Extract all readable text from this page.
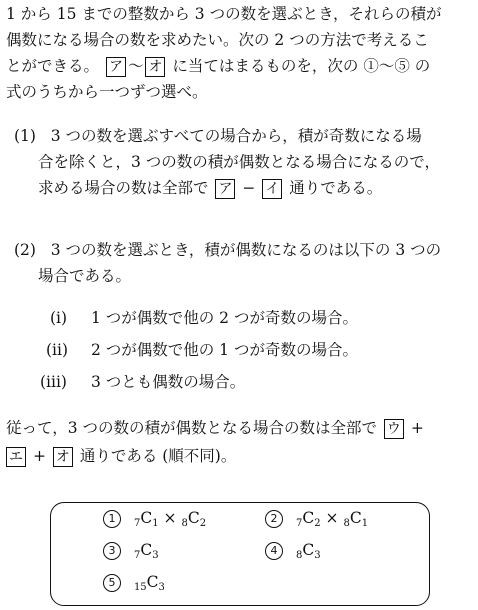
1 から 15 までの整数から 3 つの数を選ぶとき，それらの積が
偶数になる場合の数を求めたい。次の 2 つの方法で考えるこ
とができる。 ア 〜 オ に当てはまるものを，次の ①〜⑤ の
式のうちから一つずつ選べ。
(1) 3 つの数を選ぶすべての場合から，積が奇数になる場
合を除くと，3 つの数の積が偶数となる場合になるので，
求める場合の数は全部で ア − イ 通りである。
(2) 3 つの数を選ぶとき，積が偶数になるのは以下の 3 つの
場合である。
(i) 1 つが偶数で他の 2 つが奇数の場合。
(ii) 2 つが偶数で他の 1 つが奇数の場合。
(iii) 3 つとも偶数の場合。
従って，3 つの数の積が偶数となる場合の数は全部で ウ +
エ + オ 通りである (順不同)。
1 $_7C_1 \times _8C_2$	2 $_7C_2 \times _8C_1$
3 $_7C_3$	4 $_8C_3$
5 $_{15}C_3$
